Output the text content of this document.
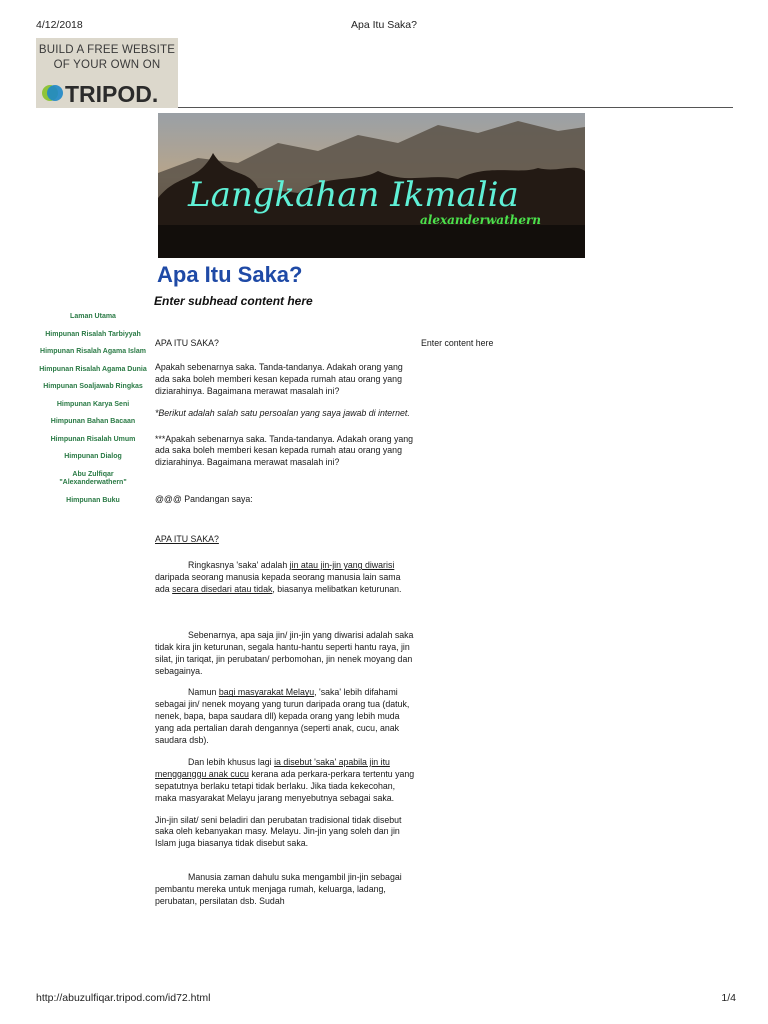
4/12/2018	Apa Itu Saka?
BUILD A FREE WEBSITE
OF YOUR OWN ON
TRIPOD.
Langkahan Ikmalia
alexanderwathern
Apa Itu Saka?
Enter subhead content here
Laman Utama
Himpunan Risalah Tarbiyyah
Himpunan Risalah Agama Islam
Himpunan Risalah Agama Dunia
Himpunan Soaljawab Ringkas
Himpunan Karya Seni
Himpunan Bahan Bacaan
Himpunan Risalah Umum
Himpunan Dialog
Abu Zulfiqar "Alexanderwathern"
Himpunan Buku
Enter content here

APA ITU SAKA?

Apakah sebenarnya saka. Tanda-tandanya. Adakah orang yang ada saka boleh memberi kesan kepada rumah atau orang yang diziarahinya. Bagaimana merawat masalah ini?

*Berikut adalah salah satu persoalan yang saya jawab di internet.

***Apakah sebenarnya saka. Tanda-tandanya. Adakah orang yang ada saka boleh memberi kesan kepada rumah atau orang yang diziarahinya. Bagaimana merawat masalah ini?

@@@ Pandangan saya:

APA ITU SAKA?

Ringkasnya 'saka' adalah jin atau jin-jin yang diwarisi daripada seorang manusia kepada seorang manusia lain sama ada secara disedari atau tidak, biasanya melibatkan keturunan.

Sebenarnya, apa saja jin/ jin-jin yang diwarisi adalah saka tidak kira jin keturunan, segala hantu-hantu seperti hantu raya, jin silat, jin tariqat, jin perubatan/ perbomohan, jin nenek moyang dan sebagainya.

Namun bagi masyarakat Melayu, 'saka' lebih difahami sebagai jin/ nenek moyang yang turun daripada orang tua (datuk, nenek, bapa, bapa saudara dll) kepada orang yang lebih muda yang ada pertalian darah dengannya (seperti anak, cucu, anak saudara dsb).

Dan lebih khusus lagi ia disebut 'saka' apabila jin itu mengganggu anak cucu kerana ada perkara-perkara tertentu yang sepatutnya berlaku tetapi tidak berlaku. Jika tiada kekecohan, maka masyarakat Melayu jarang menyebutnya sebagai saka.

Jin-jin silat/ seni beladiri dan perubatan tradisional tidak disebut saka oleh kebanyakan masy. Melayu. Jin-jin yang soleh dan jin Islam juga biasanya tidak disebut saka.

Manusia zaman dahulu suka mengambil jin-jin sebagai pembantu mereka untuk menjaga rumah, keluarga, ladang, perubatan, persilatan dsb. Sudah

http://abuzulfiqar.tripod.com/id72.html	1/4
